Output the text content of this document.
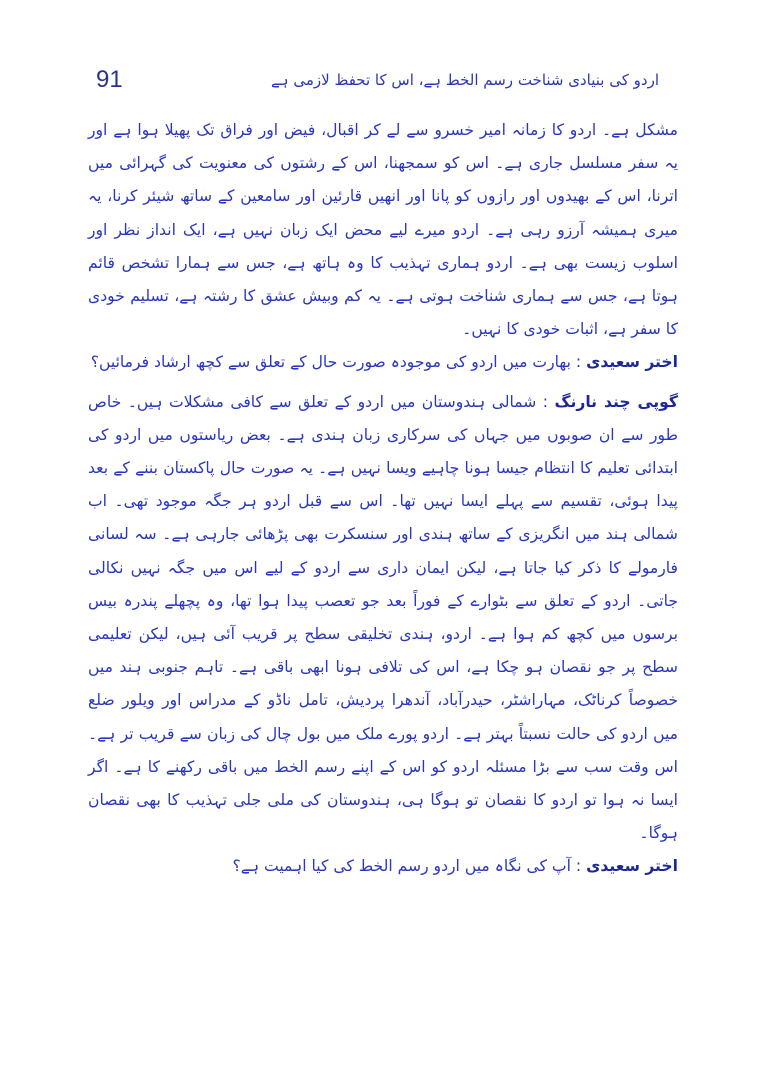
91	اردو کی بنیادی شناخت رسم الخط ہے، اس کا تحفظ لازمی ہے

مشکل ہے۔ اردو کا زمانہ امیر خسرو سے لے کر اقبال، فیض اور فراق تک پھیلا ہوا ہے اور یہ سفر مسلسل جاری ہے۔ اس کو سمجھنا، اس کے رشتوں کی معنویت کی گہرائی میں اترنا، اس کے بھیدوں اور رازوں کو پانا اور انھیں قارئین اور سامعین کے ساتھ شیئر کرنا، یہ میری ہمیشہ آرزو رہی ہے۔ اردو میرے لیے محض ایک زبان نہیں ہے، ایک انداز نظر اور اسلوب زیست بھی ہے۔ اردو ہماری تہذیب کا وہ ہاتھ ہے، جس سے ہمارا تشخص قائم ہوتا ہے، جس سے ہماری شناخت ہوتی ہے۔ یہ کم وبیش عشق کا رشتہ ہے، تسلیم خودی کا سفر ہے، اثبات خودی کا نہیں۔

اختر سعیدی : بھارت میں اردو کی موجودہ صورت حال کے تعلق سے کچھ ارشاد فرمائیں؟

گوپی چند نارنگ : شمالی ہندوستان میں اردو کے تعلق سے کافی مشکلات ہیں۔ خاص طور سے ان صوبوں میں جہاں کی سرکاری زبان ہندی ہے۔ بعض ریاستوں میں اردو کی ابتدائی تعلیم کا انتظام جیسا ہونا چاہیے ویسا نہیں ہے۔ یہ صورت حال پاکستان بننے کے بعد پیدا ہوئی، تقسیم سے پہلے ایسا نہیں تھا۔ اس سے قبل اردو ہر جگہ موجود تھی۔ اب شمالی ہند میں انگریزی کے ساتھ ہندی اور سنسکرت بھی پڑھائی جارہی ہے۔ سہ لسانی فارمولے کا ذکر کیا جاتا ہے، لیکن ایمان داری سے اردو کے لیے اس میں جگہ نہیں نکالی جاتی۔ اردو کے تعلق سے بٹوارے کے فوراً بعد جو تعصب پیدا ہوا تھا، وہ پچھلے پندرہ بیس برسوں میں کچھ کم ہوا ہے۔ اردو، ہندی تخلیقی سطح پر قریب آئی ہیں، لیکن تعلیمی سطح پر جو نقصان ہو چکا ہے، اس کی تلافی ہونا ابھی باقی ہے۔ تاہم جنوبی ہند میں خصوصاً کرناٹک، مہاراشٹر، حیدرآباد، آندھرا پردیش، تامل ناڈو کے مدراس اور ویلور ضلع میں اردو کی حالت نسبتاً بہتر ہے۔ اردو پورے ملک میں بول چال کی زبان سے قریب تر ہے۔ اس وقت سب سے بڑا مسئلہ اردو کو اس کے اپنے رسم الخط میں باقی رکھنے کا ہے۔ اگر ایسا نہ ہوا تو اردو کا نقصان تو ہوگا ہی، ہندوستان کی ملی جلی تہذیب کا بھی نقصان ہوگا۔

اختر سعیدی : آپ کی نگاہ میں اردو رسم الخط کی کیا اہمیت ہے؟
